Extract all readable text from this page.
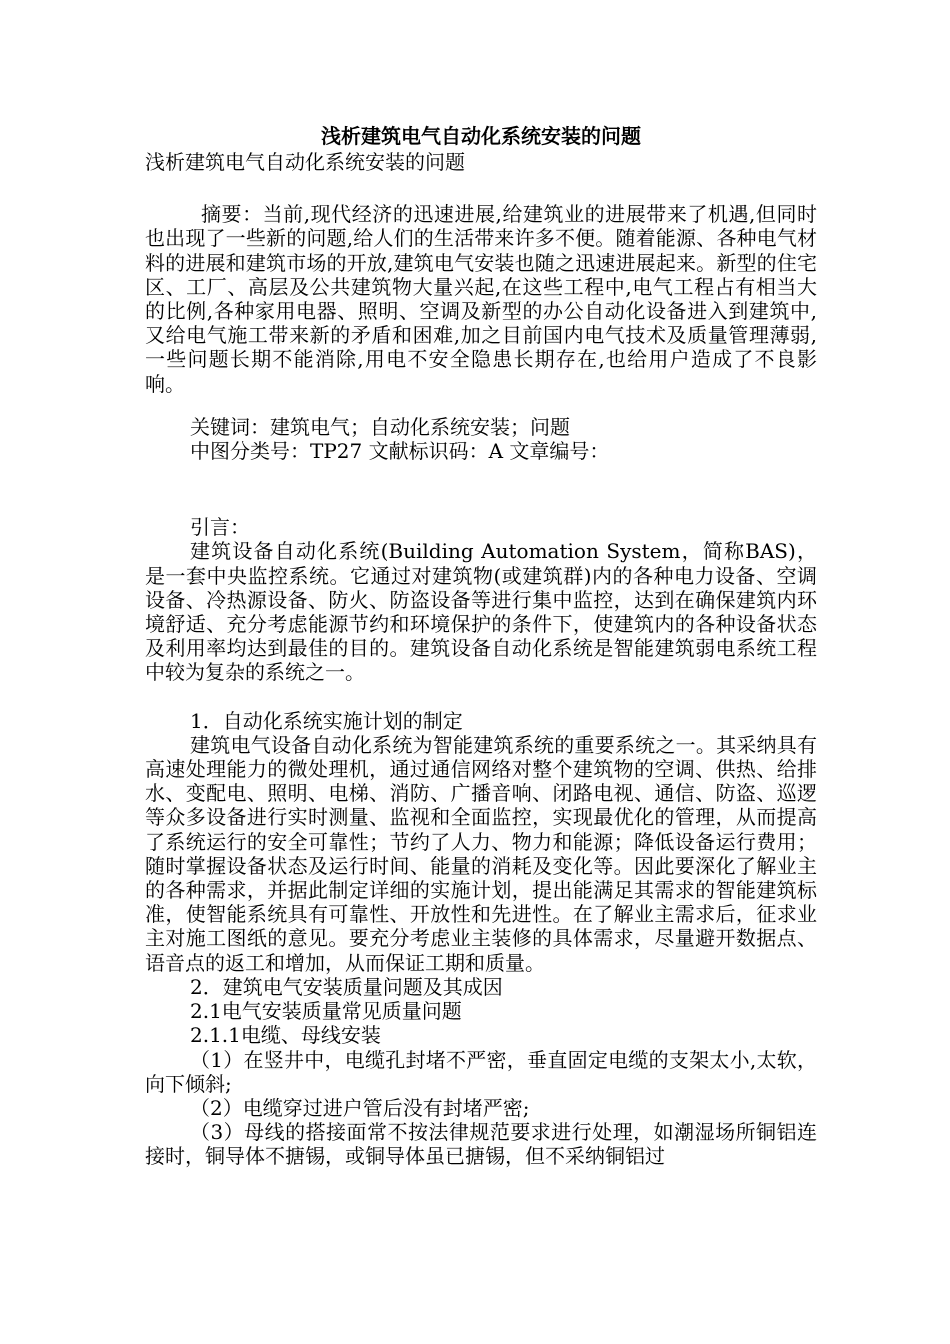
浅析建筑电气自动化系统安装的问题

浅析建筑电气自动化系统安装的问题

摘要：当前,现代经济的迅速进展,给建筑业的进展带来了机遇,但同时也出现了一些新的问题,给人们的生活带来许多不便。随着能源、各种电气材料的进展和建筑市场的开放,建筑电气安装也随之迅速进展起来。新型的住宅区、工厂、高层及公共建筑物大量兴起,在这些工程中,电气工程占有相当大的比例,各种家用电器、照明、空调及新型的办公自动化设备进入到建筑中,又给电气施工带来新的矛盾和困难,加之目前国内电气技术及质量管理薄弱,一些问题长期不能消除,用电不安全隐患长期存在,也给用户造成了不良影响。

关键词：建筑电气；自动化系统安装；问题

中图分类号：TP27 文献标识码：A 文章编号：

引言：

建筑设备自动化系统(Building Automation System，简称BAS)，是一套中央监控系统。它通过对建筑物(或建筑群)内的各种电力设备、空调设备、冷热源设备、防火、防盗设备等进行集中监控，达到在确保建筑内环境舒适、充分考虑能源节约和环境保护的条件下，使建筑内的各种设备状态及利用率均达到最佳的目的。建筑设备自动化系统是智能建筑弱电系统工程中较为复杂的系统之一。

1．自动化系统实施计划的制定

建筑电气设备自动化系统为智能建筑系统的重要系统之一。其采纳具有高速处理能力的微处理机，通过通信网络对整个建筑物的空调、供热、给排水、变配电、照明、电梯、消防、广播音响、闭路电视、通信、防盗、巡逻等众多设备进行实时测量、监视和全面监控，实现最优化的管理，从而提高了系统运行的安全可靠性；节约了人力、物力和能源；降低设备运行费用；随时掌握设备状态及运行时间、能量的消耗及变化等。因此要深化了解业主的各种需求，并据此制定详细的实施计划，提出能满足其需求的智能建筑标准，使智能系统具有可靠性、开放性和先进性。在了解业主需求后，征求业主对施工图纸的意见。要充分考虑业主装修的具体需求，尽量避开数据点、语音点的返工和增加，从而保证工期和质量。

2．建筑电气安装质量问题及其成因

2.1电气安装质量常见质量问题

2.1.1电缆、母线安装

（1）在竖井中，电缆孔封堵不严密，垂直固定电缆的支架太小,太软，向下倾斜;

（2）电缆穿过进户管后没有封堵严密;

（3）母线的搭接面常不按法律规范要求进行处理，如潮湿场所铜铝连接时，铜导体不搪锡，或铜导体虽已搪锡，但不采纳铜铝过
